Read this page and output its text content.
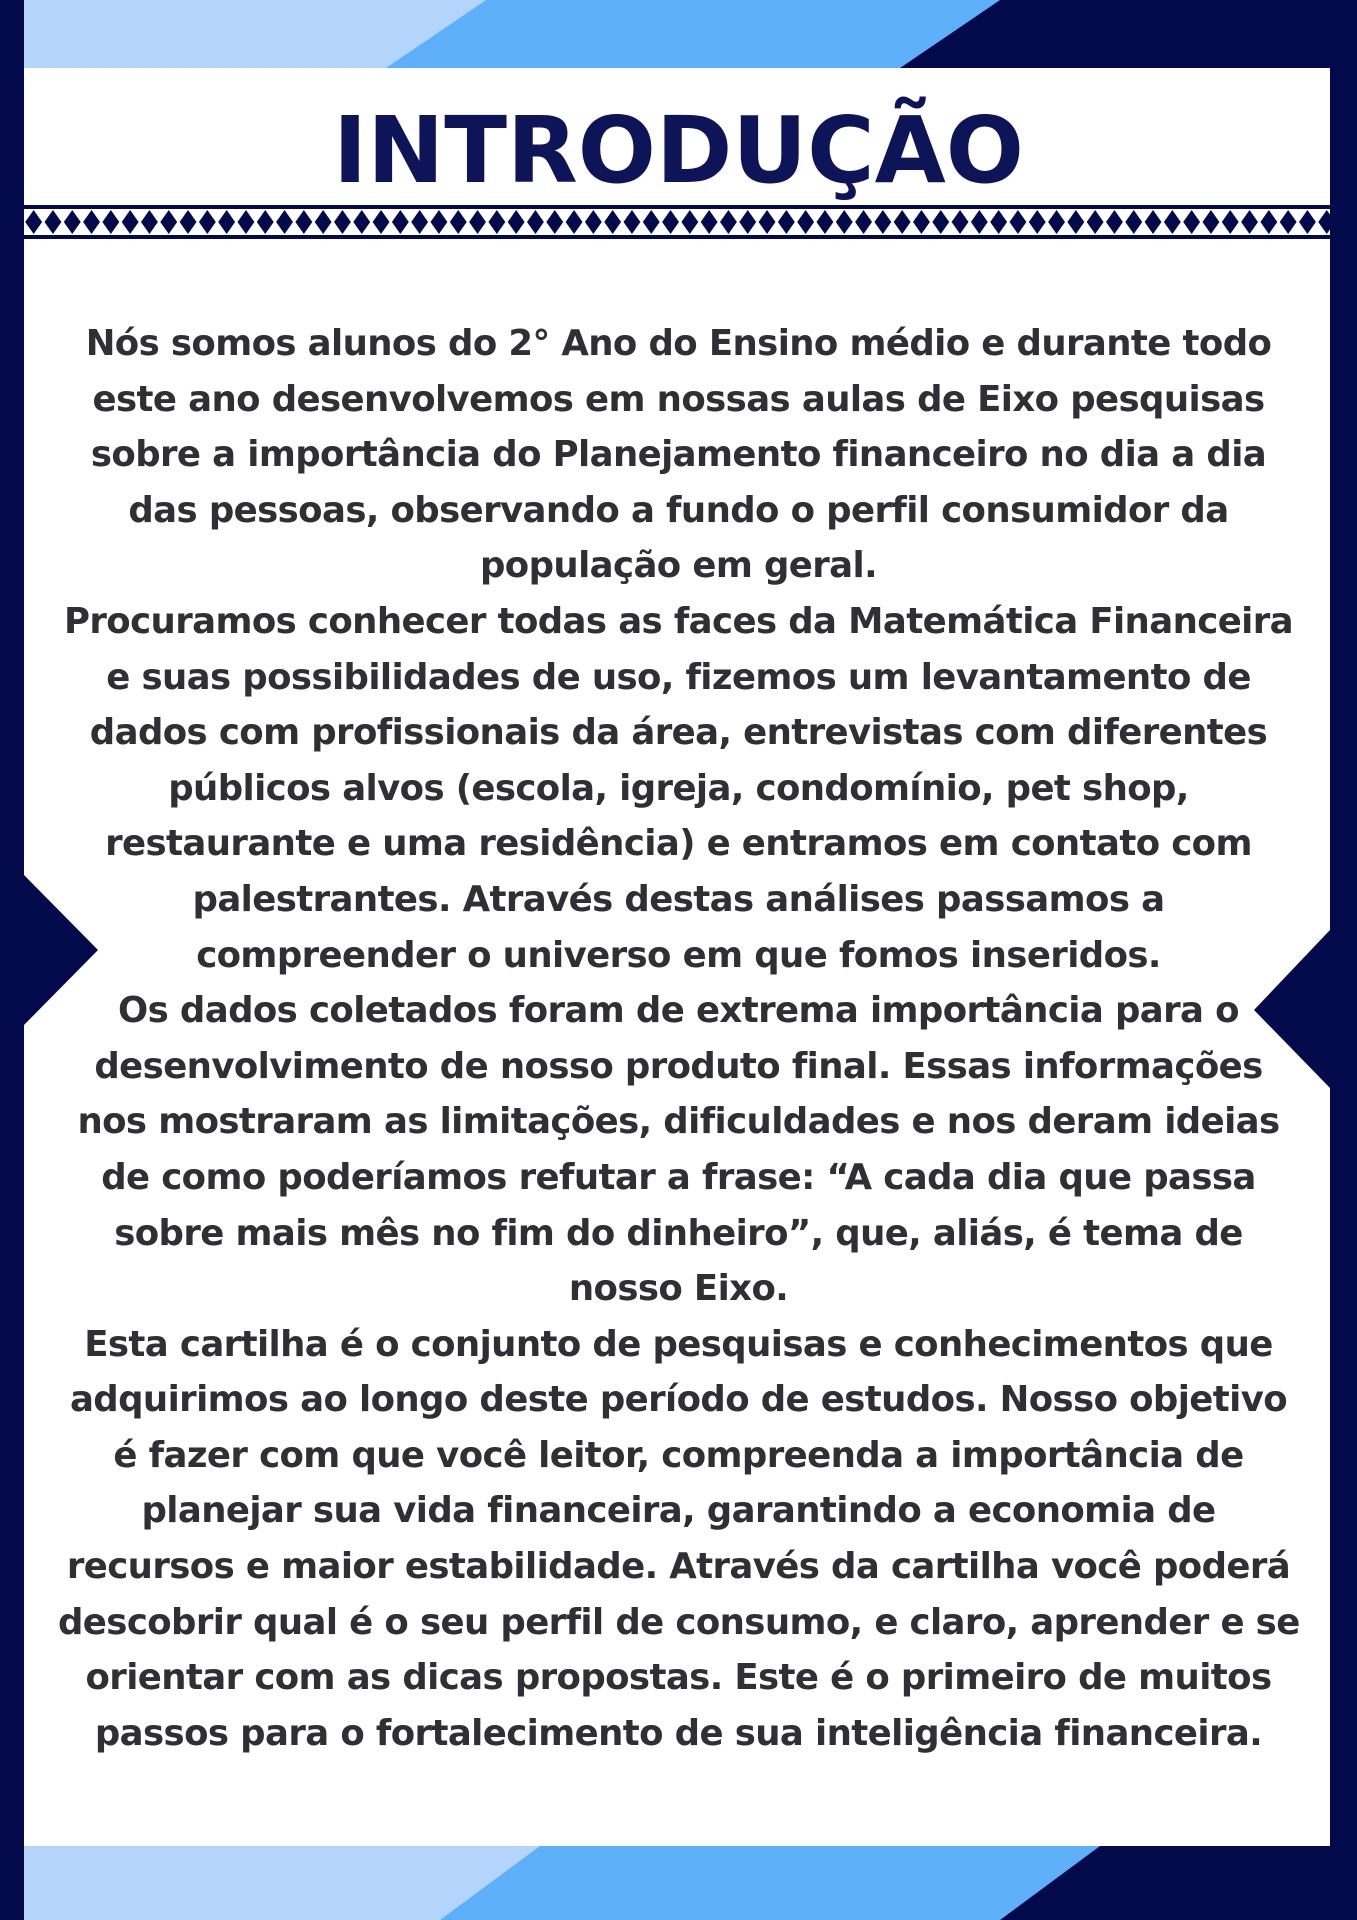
INTRODUÇÃO
Nós somos alunos do 2° Ano do Ensino médio e durante todo
este ano desenvolvemos em nossas aulas de Eixo pesquisas
sobre a importância do Planejamento financeiro no dia a dia
das pessoas, observando a fundo o perfil consumidor da
população em geral.
Procuramos conhecer todas as faces da Matemática Financeira
e suas possibilidades de uso, fizemos um levantamento de
dados com profissionais da área, entrevistas com diferentes
públicos alvos (escola, igreja, condomínio, pet shop,
restaurante e uma residência) e entramos em contato com
palestrantes. Através destas análises passamos a
compreender o universo em que fomos inseridos.
Os dados coletados foram de extrema importância para o
desenvolvimento de nosso produto final. Essas informações
nos mostraram as limitações, dificuldades e nos deram ideias
de como poderíamos refutar a frase: “A cada dia que passa
sobre mais mês no fim do dinheiro”, que, aliás, é tema de
nosso Eixo.
Esta cartilha é o conjunto de pesquisas e conhecimentos que
adquirimos ao longo deste período de estudos. Nosso objetivo
é fazer com que você leitor, compreenda a importância de
planejar sua vida financeira, garantindo a economia de
recursos e maior estabilidade. Através da cartilha você poderá
descobrir qual é o seu perfil de consumo, e claro, aprender e se
orientar com as dicas propostas. Este é o primeiro de muitos
passos para o fortalecimento de sua inteligência financeira.
